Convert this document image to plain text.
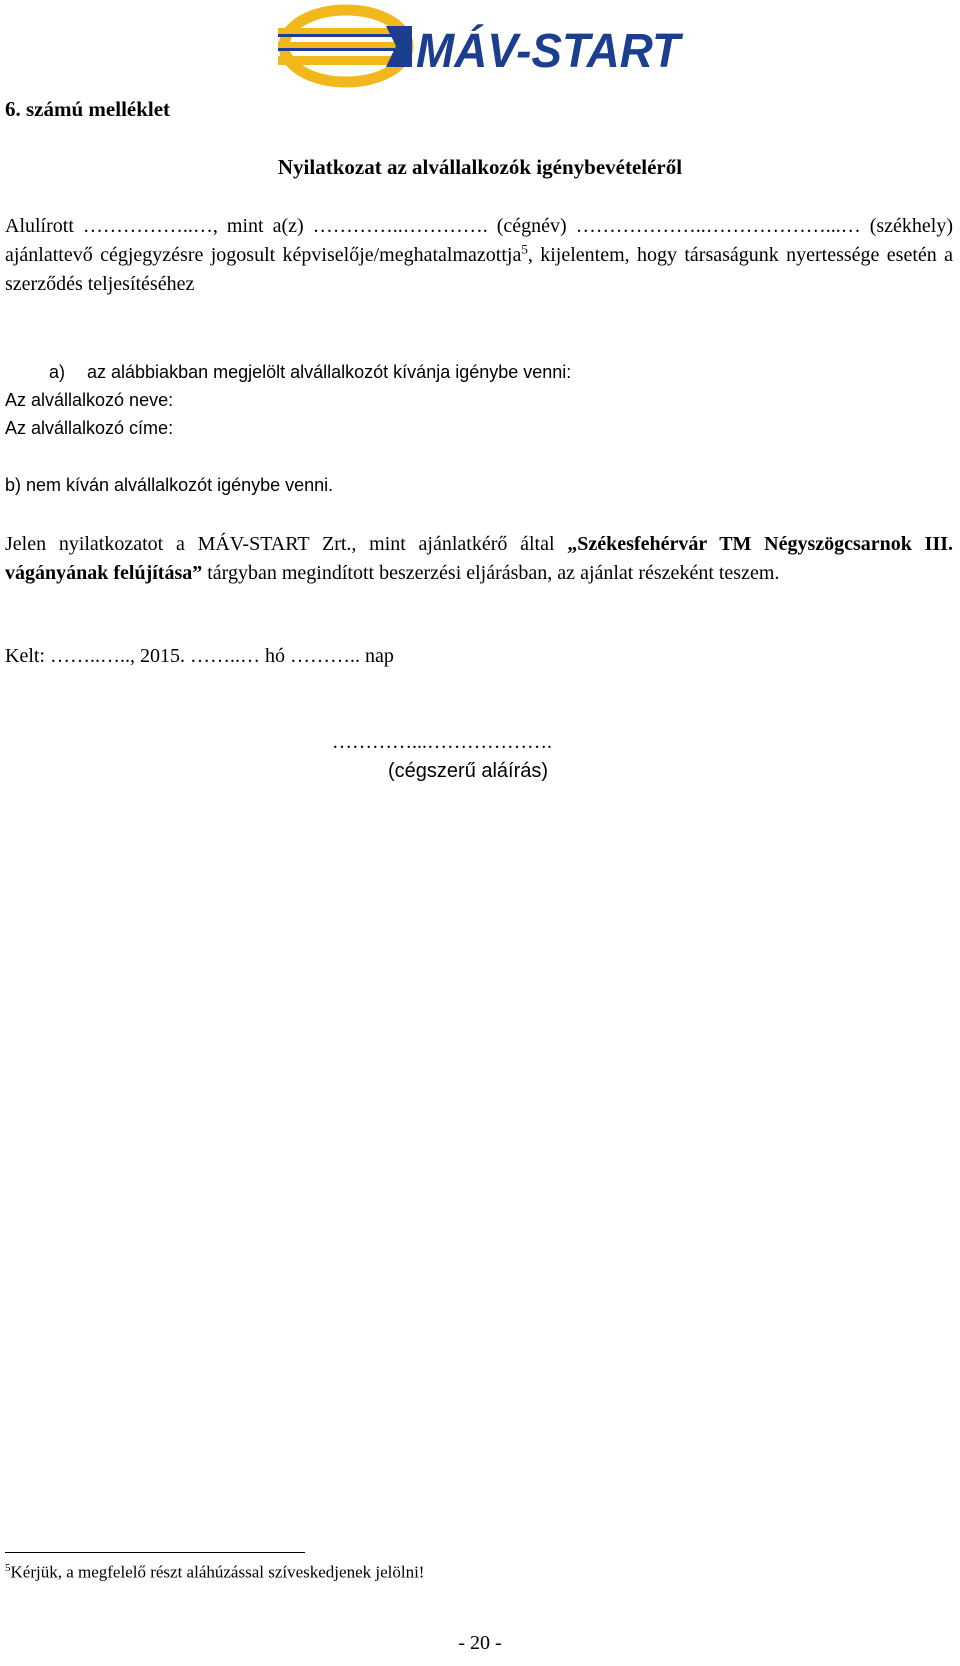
MÁV-START
6. számú melléklet
Nyilatkozat az alvállalkozók igénybevételéről
Alulírott ……………..…, mint a(z) …………..…………. (cégnév) ………………..………………...… (székhely) ajánlattevő cégjegyzésre jogosult képviselője/meghatalmazottja$^5$, kijelentem, hogy társaságunk nyertessége esetén a szerződés teljesítéséhez
a) az alábbiakban megjelölt alvállalkozót kívánja igénybe venni:
Az alvállalkozó neve:
Az alvállalkozó címe:
b) nem kíván alvállalkozót igénybe venni.
Jelen nyilatkozatot a MÁV-START Zrt., mint ajánlatkérő által „Székesfehérvár TM Négyszögcsarnok III. vágányának felújítása” tárgyban megindított beszerzési eljárásban, az ajánlat részeként teszem.
Kelt: ……..….., 2015. ……..… hó ……….. nap
…………...……………….
(cégszerű aláírás)
$^5$Kérjük, a megfelelő részt aláhúzással szíveskedjenek jelölni!
- 20 -
